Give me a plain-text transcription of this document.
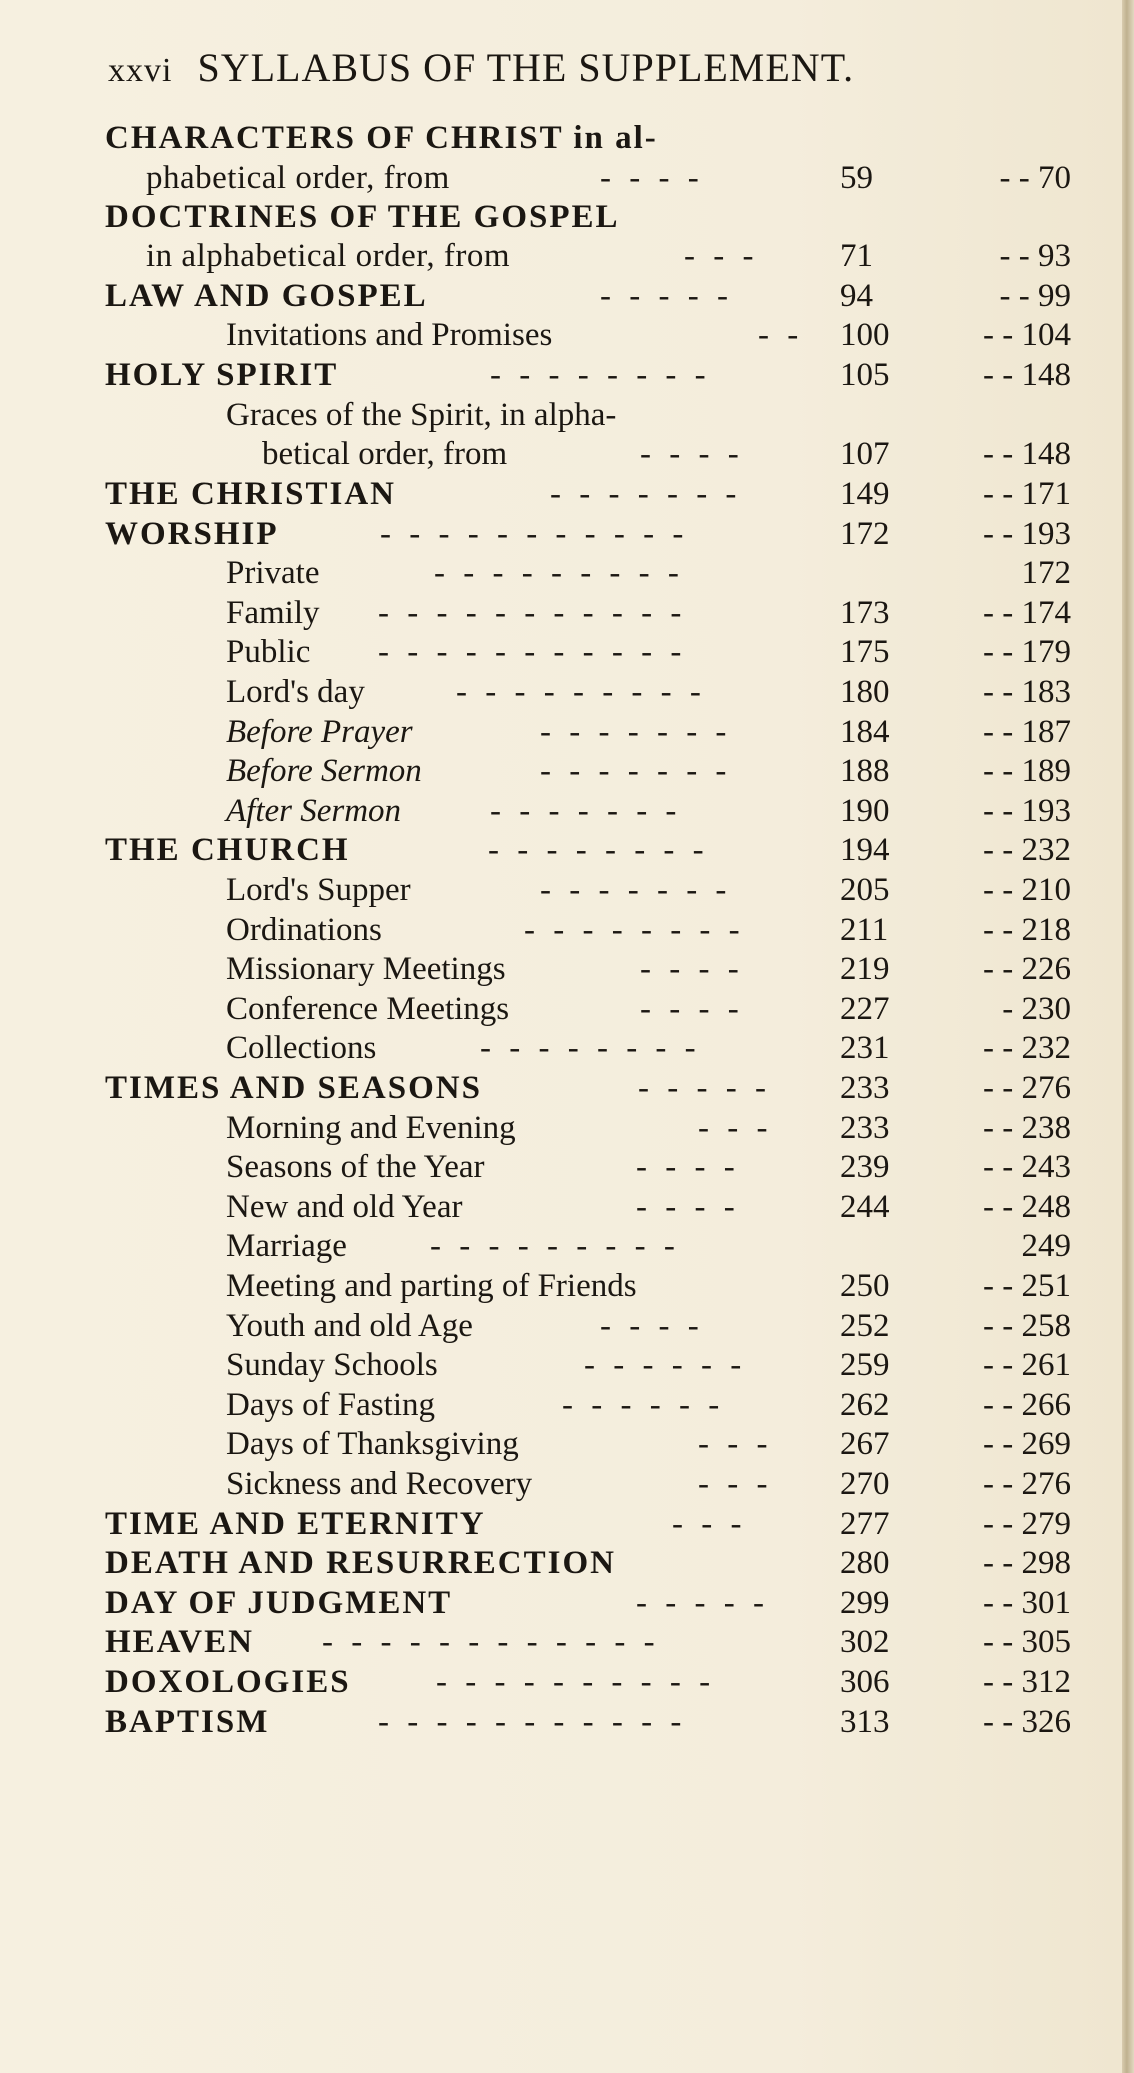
xxvi SYLLABUS OF THE SUPPLEMENT.
CHARACTERS OF CHRIST in al-
phabetical order, from	- - - -	59	- - 70
DOCTRINES OF THE GOSPEL
in alphabetical order, from	- - - 71	- - 93
LAW AND GOSPEL	- - - - -	94	- - 99
Invitations and Promises	- - 100	- - 104
HOLY SPIRIT	- - - - - - - -	105	- - 148
Graces of the Spirit, in alpha-
betical order, from	- - - -	107	- - 148
THE CHRISTIAN	- - - - - - -	149	- - 171
WORSHIP	- - - - - - - - - - -	172	- - 193
Private	- - - - - - - - -	172
Family - - - - - - - - - - -	173	- - 174
Public - - - - - - - - - - -	175	- - 179
Lord's day	- - - - - - - - -	180	- - 183
Before Prayer	- - - - - - -	184	- - 187
Before Sermon	- - - - - - -	188	- - 189
After Sermon	- - - - - - -	190	- - 193
THE CHURCH	- - - - - - - -	194	- - 232
Lord's Supper	- - - - - - -	205	- - 210
Ordinations	- - - - - - - -	211	- - 218
Missionary Meetings	- - - -	219	- - 226
Conference Meetings	- - - -	227	- 230
Collections	- - - - - - - -	231	- - 232
TIMES AND SEASONS	- - - - - 233	- - 276
Morning and Evening	- - - 233	- - 238
Seasons of the Year	- - - -	239	- - 243
New and old Year	- - - -	244	- - 248
Marriage	- - - - - - - - -	249
Meeting and parting of Friends	250	- - 251
Youth and old Age	- - - -	252	- - 258
Sunday Schools	- - - - - -	259	- - 261
Days of Fasting	- - - - - -	262	- - 266
Days of Thanksgiving	- - - 267	- - 269
Sickness and Recovery	- - - 270	- - 276
TIME AND ETERNITY	- - -	277	- - 279
DEATH AND RESURRECTION	280	- - 298
DAY OF JUDGMENT	- - - - - 299	- - 301
HEAVEN - - - - - - - - - - - -	302	- - 305
DOXOLOGIES	- - - - - - - - - -	306	- - 312
BAPTISM	- - - - - - - - - - -	313	- - 326
